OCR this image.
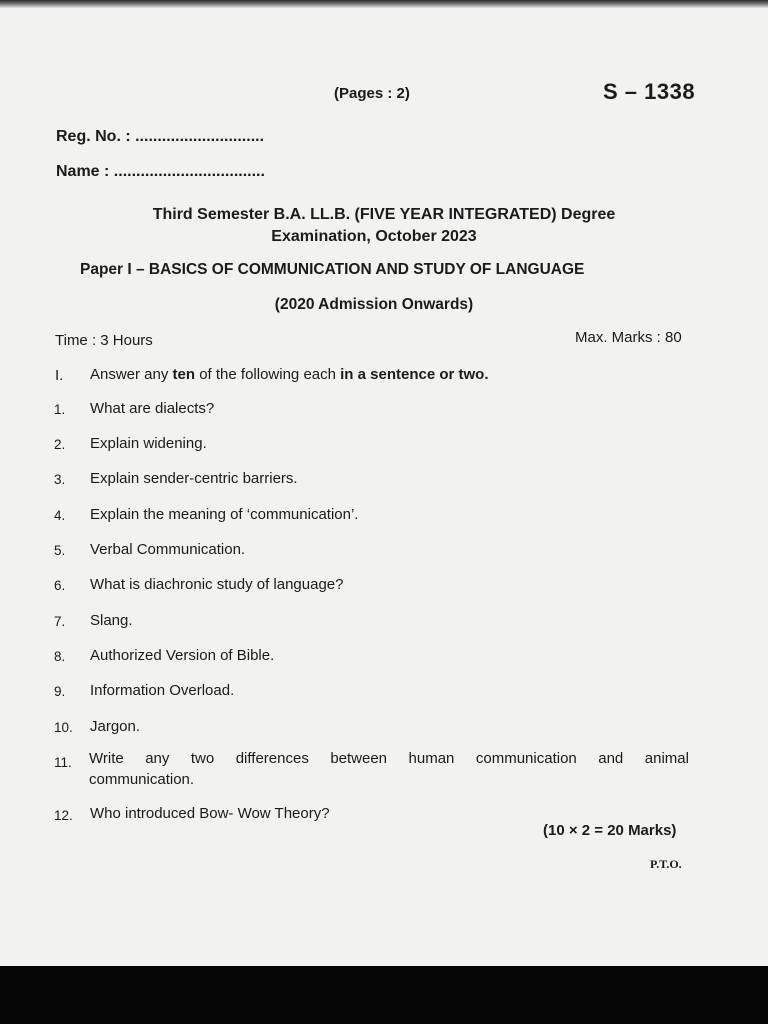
(Pages : 2)	S – 1338
Reg. No. : .............................
Name : ..................................
Third Semester B.A. LL.B. (FIVE YEAR INTEGRATED) Degree
Examination, October 2023
Paper I – BASICS OF COMMUNICATION AND STUDY OF LANGUAGE
(2020 Admission Onwards)
Time : 3 Hours	Max. Marks : 80
I. Answer any ten of the following each in a sentence or two.
1. What are dialects?
2. Explain widening.
3. Explain sender-centric barriers.
4. Explain the meaning of ‘communication’.
5. Verbal Communication.
6. What is diachronic study of language?
7. Slang.
8. Authorized Version of Bible.
9. Information Overload.
10. Jargon.
11. Write any two differences between human communication and animal
communication.
12. Who introduced Bow- Wow Theory?
(10 × 2 = 20 Marks)
P.T.O.
